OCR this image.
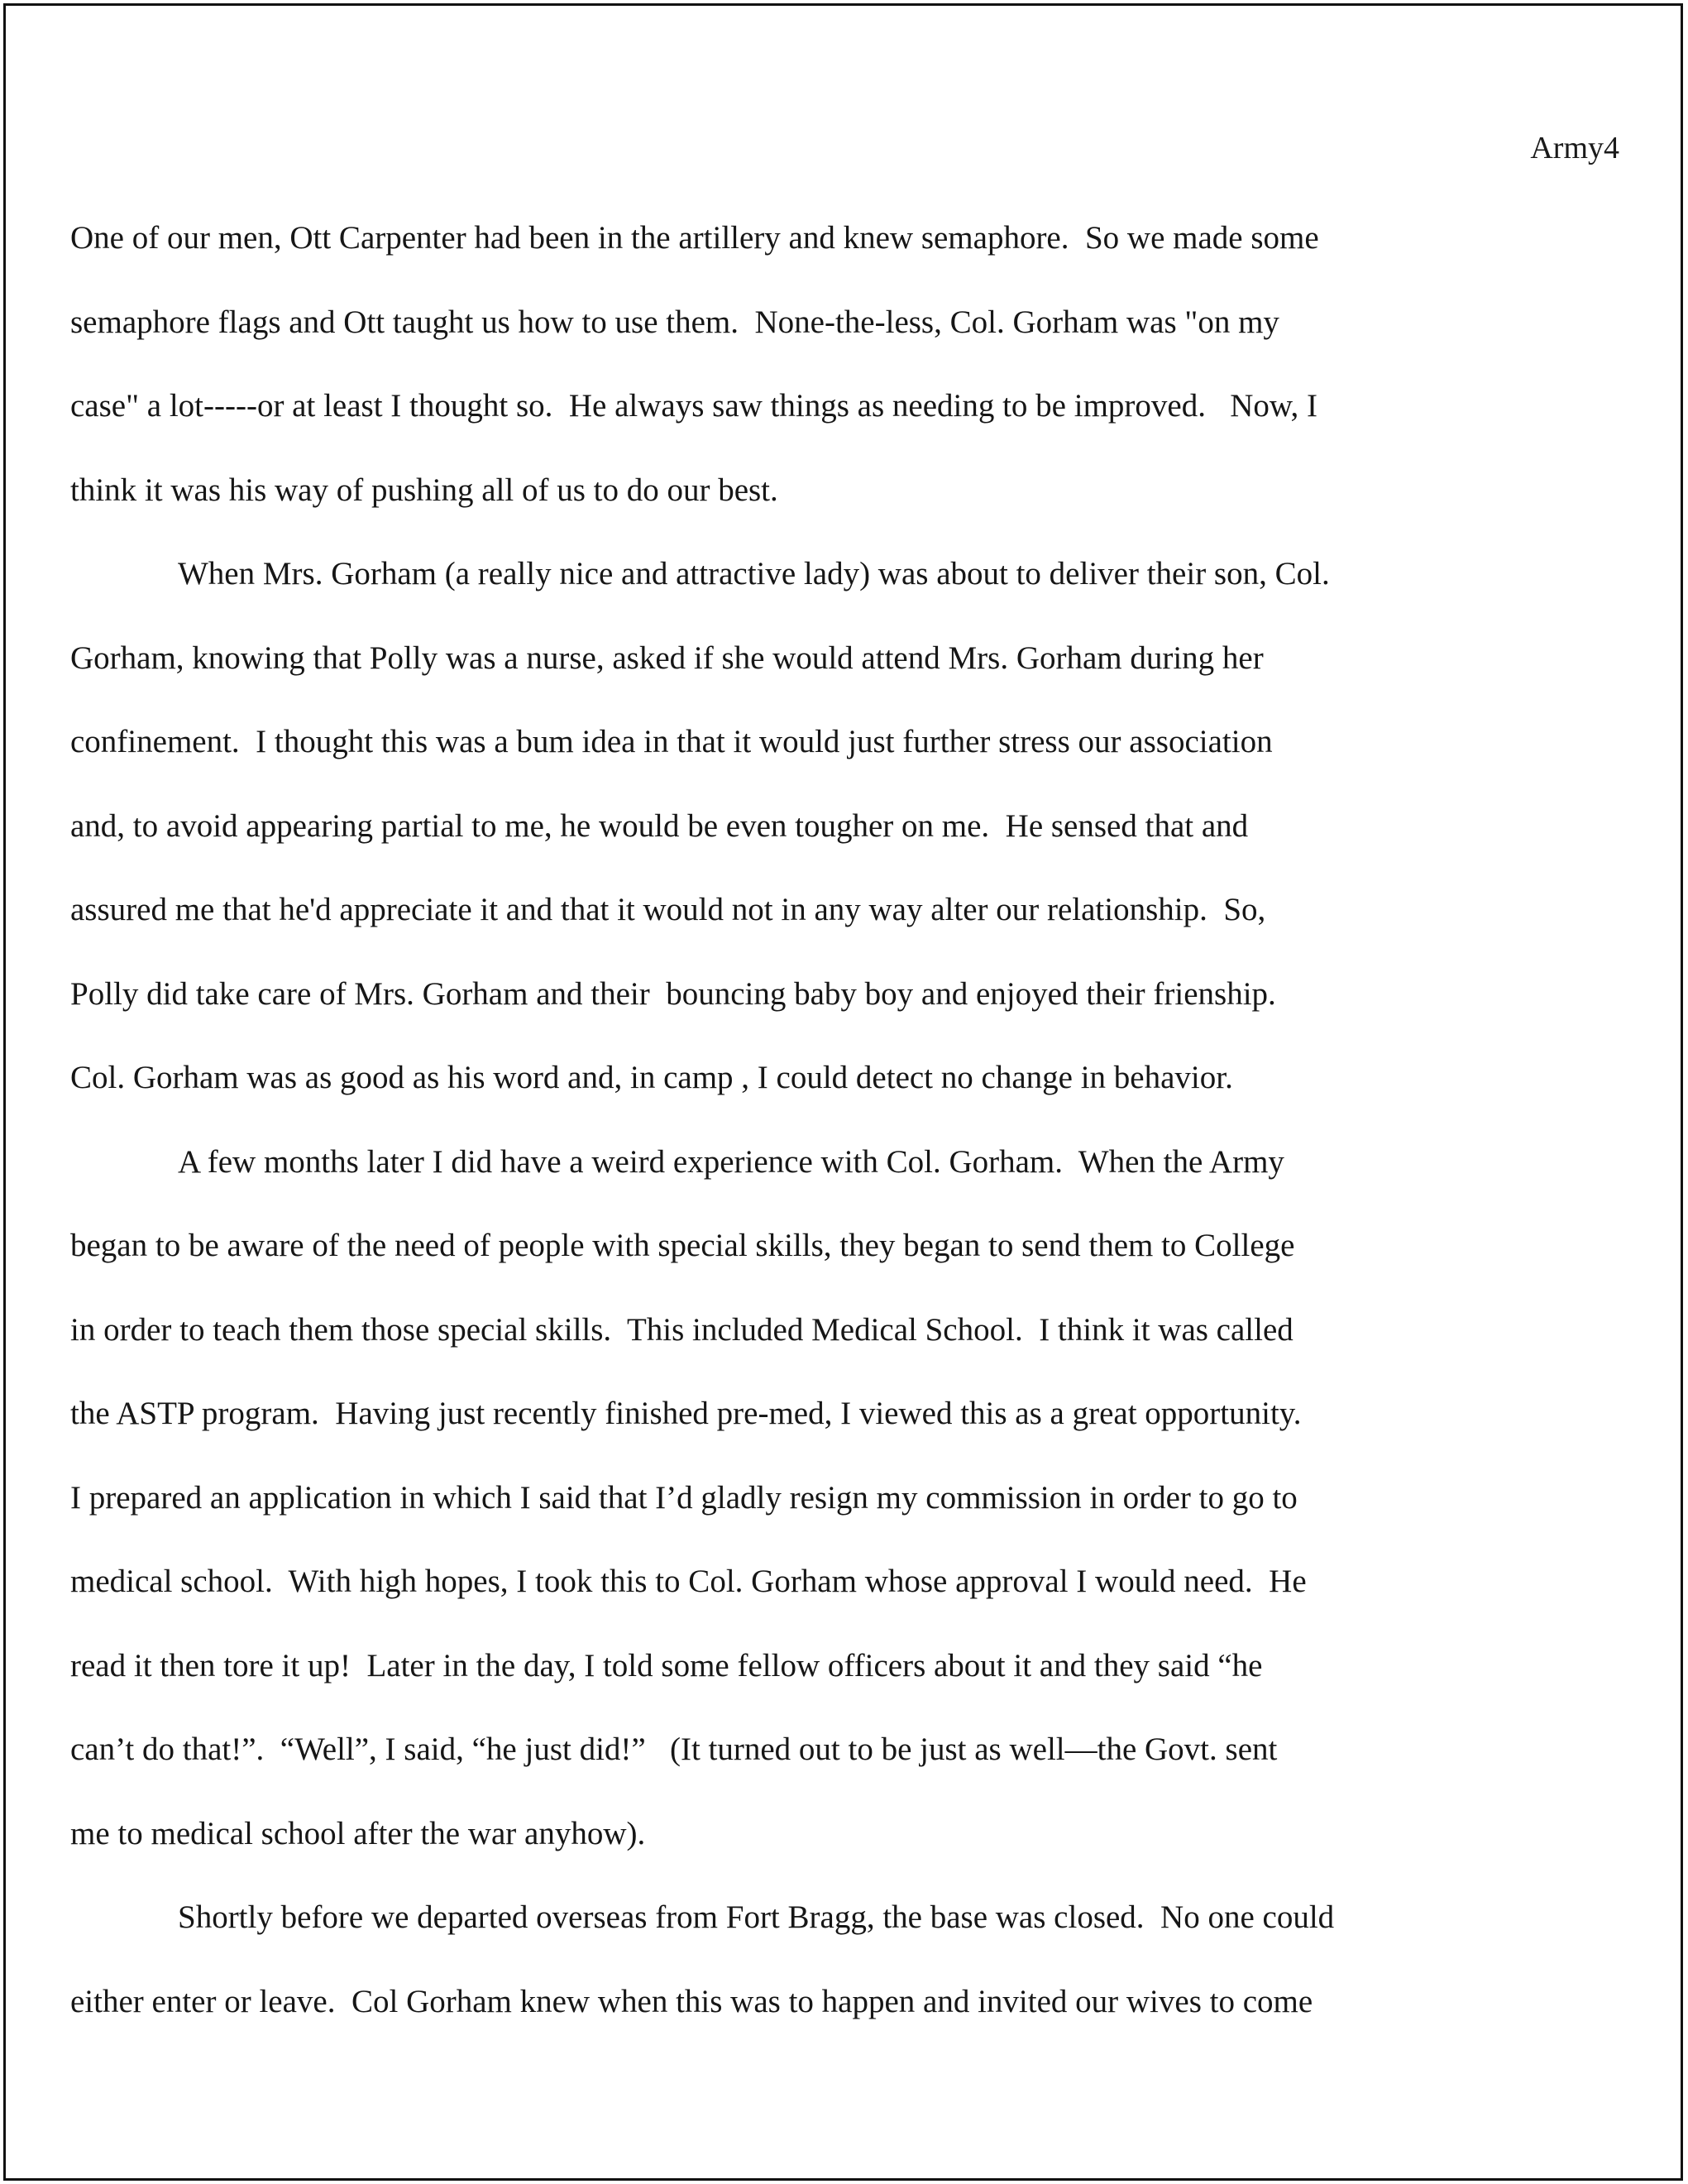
Army4
One of our men, Ott Carpenter had been in the artillery and knew semaphore.  So we made some
semaphore flags and Ott taught us how to use them.  None-the-less, Col. Gorham was "on my
case" a lot-----or at least I thought so.  He always saw things as needing to be improved.   Now, I
think it was his way of pushing all of us to do our best.
When Mrs. Gorham (a really nice and attractive lady) was about to deliver their son, Col.
Gorham, knowing that Polly was a nurse, asked if she would attend Mrs. Gorham during her
confinement.  I thought this was a bum idea in that it would just further stress our association
and, to avoid appearing partial to me, he would be even tougher on me.  He sensed that and
assured me that he'd appreciate it and that it would not in any way alter our relationship.  So,
Polly did take care of Mrs. Gorham and their  bouncing baby boy and enjoyed their frienship.
Col. Gorham was as good as his word and, in camp , I could detect no change in behavior.
A few months later I did have a weird experience with Col. Gorham.  When the Army
began to be aware of the need of people with special skills, they began to send them to College
in order to teach them those special skills.  This included Medical School.  I think it was called
the ASTP program.  Having just recently finished pre-med, I viewed this as a great opportunity.
I prepared an application in which I said that I’d gladly resign my commission in order to go to
medical school.  With high hopes, I took this to Col. Gorham whose approval I would need.  He
read it then tore it up!  Later in the day, I told some fellow officers about it and they said “he
can’t do that!”.  “Well”, I said, “he just did!”   (It turned out to be just as well—the Govt. sent
me to medical school after the war anyhow).
Shortly before we departed overseas from Fort Bragg, the base was closed.  No one could
either enter or leave.  Col Gorham knew when this was to happen and invited our wives to come
